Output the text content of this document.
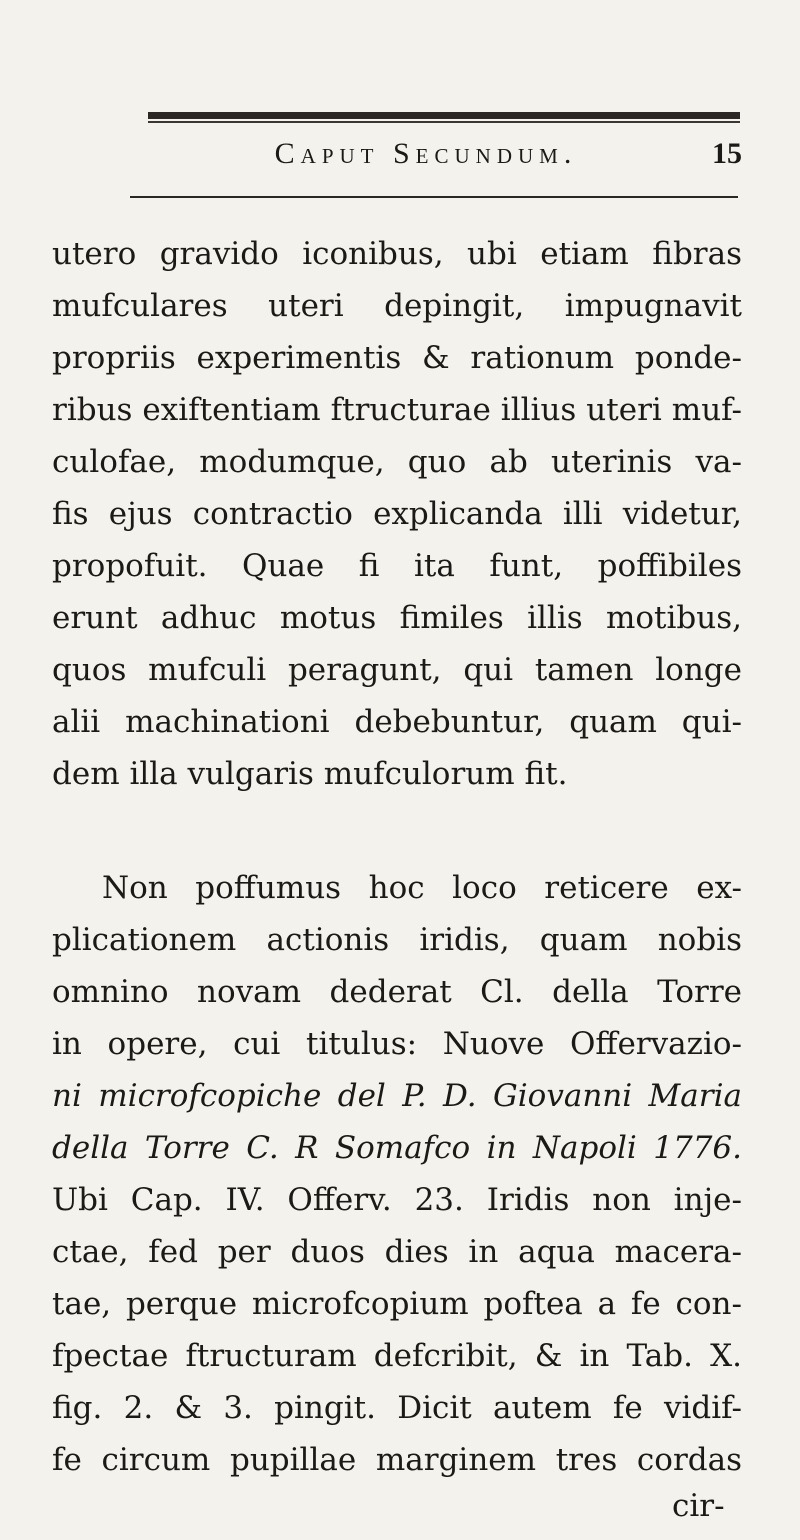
Caput Secundum.	15
utero gravido iconibus, ubi etiam fibras
mufculares uteri depingit, impugnavit
propriis experimentis & rationum ponde-
ribus exiftentiam ftructurae illius uteri muf-
culofae, modumque, quo ab uterinis va-
fis ejus contractio explicanda illi videtur,
propofuit. Quae fi ita funt, poffibiles
erunt adhuc motus fimiles illis motibus,
quos mufculi peragunt, qui tamen longe
alii machinationi debebuntur, quam qui-
dem illa vulgaris mufculorum fit.
Non poffumus hoc loco reticere ex-
plicationem actionis iridis, quam nobis
omnino novam dederat Cl. della Torre
in opere, cui titulus: Nuove Offervazio-
ni microfcopiche del P. D. Giovanni Maria
della Torre C. R Somafco in Napoli 1776.
Ubi Cap. IV. Offerv. 23. Iridis non inje-
ctae, fed per duos dies in aqua macera-
tae, perque microfcopium poftea a fe con-
fpectae ftructuram defcribit, & in Tab. X.
fig. 2. & 3. pingit. Dicit autem fe vidif-
fe circum pupillae marginem tres cordas
cir-
